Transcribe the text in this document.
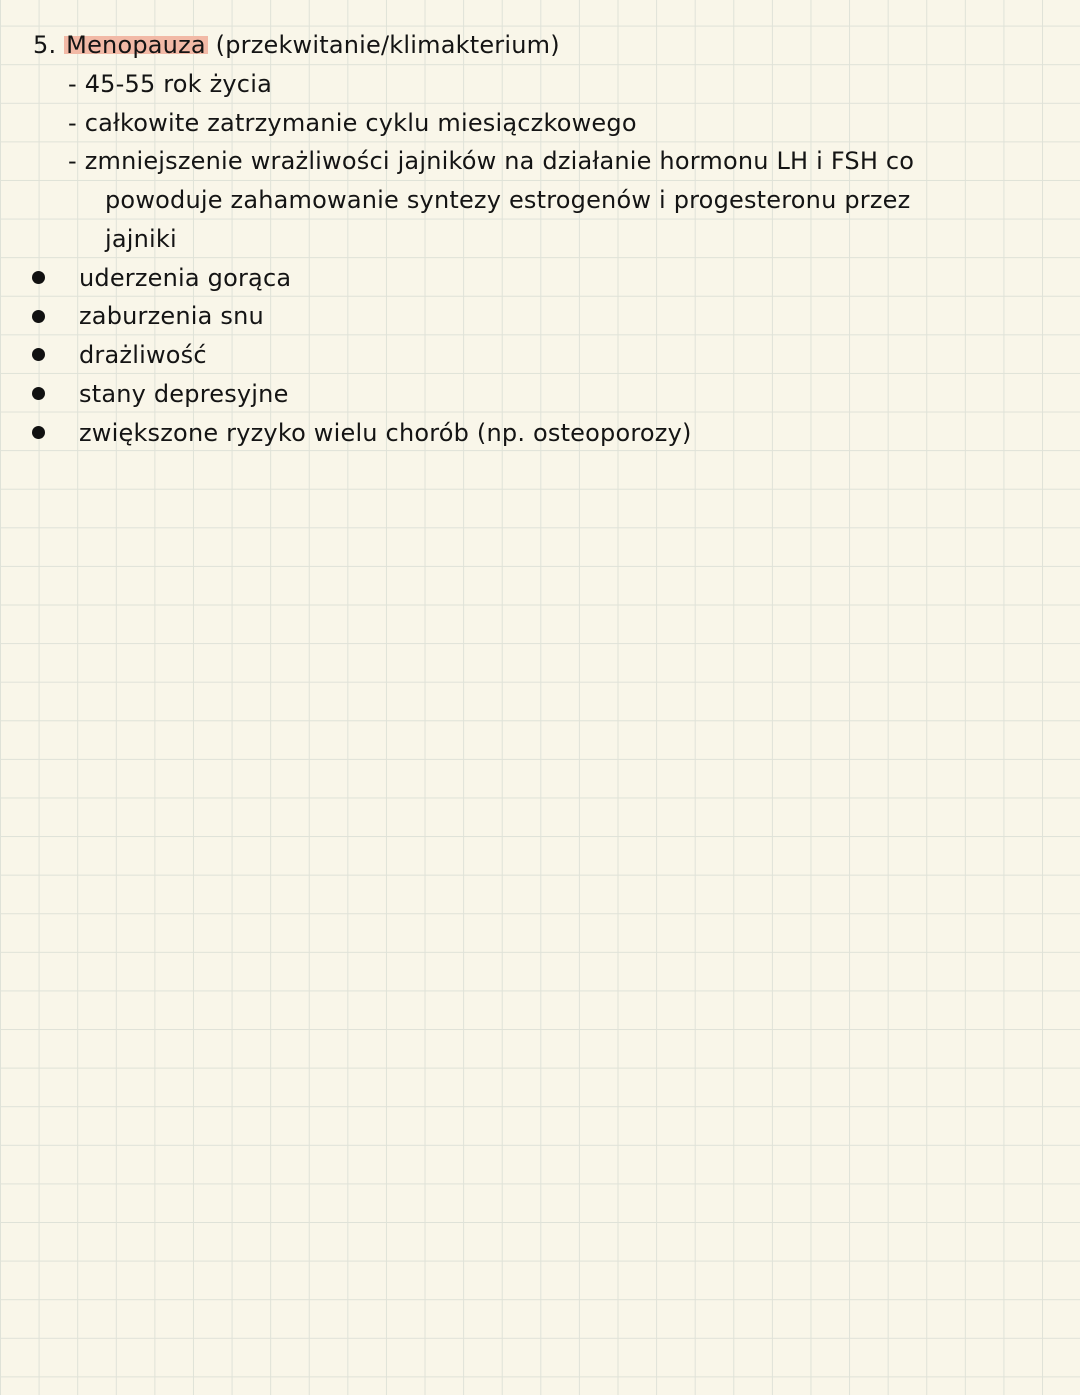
5. Menopauza (przekwitanie/klimakterium)
- 45-55 rok życia
- całkowite zatrzymanie cyklu miesiączkowego
- zmniejszenie wrażliwości jajników na działanie hormonu LH i FSH co
powoduje zahamowanie syntezy estrogenów i progesteronu przez
jajniki
uderzenia gorąca
zaburzenia snu
drażliwość
stany depresyjne
zwiększone ryzyko wielu chorób (np. osteoporozy)
